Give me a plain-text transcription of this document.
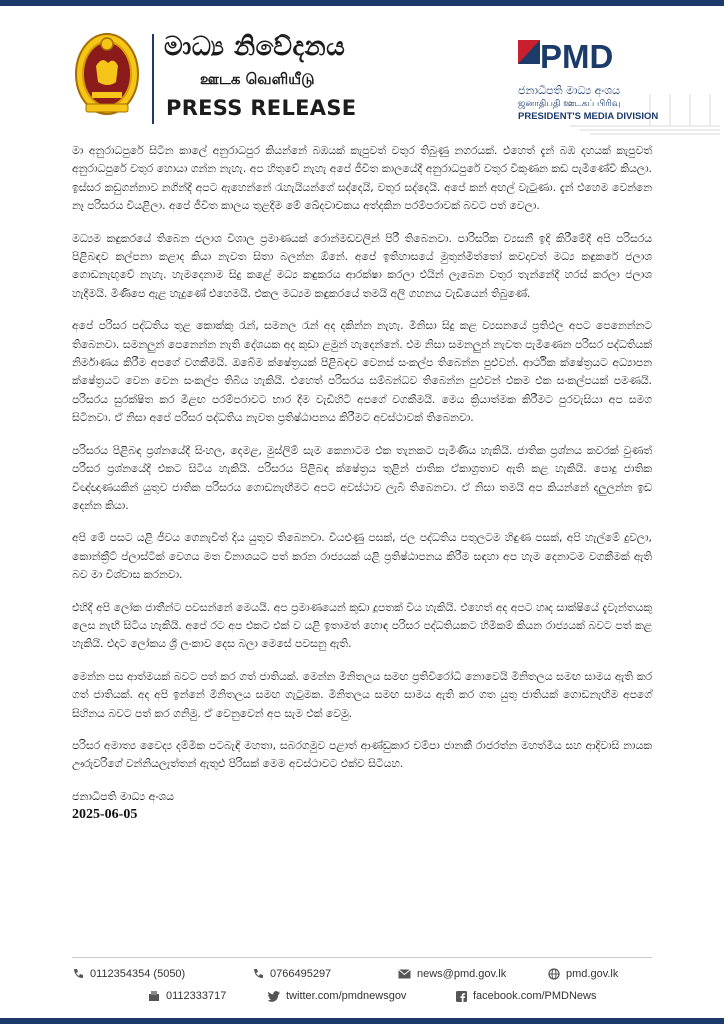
මාධ්‍ය නිවේදනය
ஊடக வெளியீடு
PRESS RELEASE
PMD
ජනාධිපති මාධ්‍ය අංශය
ஜனாதிபதி ஊடகப் பிரிவு
PRESIDENT'S MEDIA DIVISION

මා අනුරාධපුරේ සිටින කාලේ අනුරාධපුර කියන්නේ බඹයක් කැපුවත් වතුර තිබුණු නගරයක්. එහෙත් දැන් බඹ දහයක් කැපුවත් අනුරාධපුරේ වතුර හොයා ගන්න නැහැ. අප හිතුවේ නැහැ අපේ ජීවිත කාලයේදී අනුරාධපුරේ වතුර විකුණන කඩ පැමිණේවි කියලා. ඉස්සර කඩුගන්නාව නගින්දී අපට ඇහෙන්නේ රැහැයියන්ගේ සද්දෙයි, වතුර සද්දෙයි. අපේ කන් අඟල් වැටුණා. දැන් එහෙම වෙන්නෙ නෑ පරිසරය වියළිලා. අපේ ජීවිත කාලය තුළදීම මේ ඛේදවාචකය අත්දකින පරම්පරාවක් බවට පත් වෙලා.

මධ්‍යම කඳුකරයේ තිබෙන ජලාශ විශාල ප්‍රමාණයක් රොන්මඩවලින් පිරී තිබෙනවා. පාරිසරික ව්‍යසනී ඉදි කිරීමේදී අපි පරිසරය පිළිබඳව කල්පනා කළාද කියා නැවත සිතා බලන්න ඕනේ. අපේ ඉතිහාසයේ මුතුන්මිත්තෝ කවදාවත් මධ්‍ය කඳුකරේ ජලාශ ගොඩනැඟුවේ නැහැ. හැමදෙනාම සිදු කළේ මධ්‍ය කඳුකරය ආරක්ෂා කරලා එයින් ලැබෙන වතුර තැන්නේදී හරස් කරලා ජලාශ හැදීමයි. මිණිපෙ ඇළ හැදුණේ එහෙමයි. එකල මධ්‍යම කඳුකරයේ තමයි අලි ගහනය වැඩියෙන් තිබුණේ.

අපේ පරිසර පද්ධතිය තුළ කොක්කු රැන්, සමනල රැන් අද දකින්න නැහැ. මිනිසා සිදු කළ ව්‍යසනයේ ප්‍රතිඵල අපට පෙනෙන්නට තිබෙනවා. සමනලුන් පෙනෙන්න නැති දේශයක අද කුඩා ළමුන් හැදෙන්නේ. එම නිසා සමනලුන් නැවත පැමිණෙන පරිසර පද්ධතියක් නිර්මාණය කිරීම අපගේ වගකීමයි. ඔබේම ක්ෂේත්‍රයක් පිළිබඳව වෙනස් සංකල්ප තිබෙන්න පුළුවන්. ආර්ථික ක්ෂේත්‍රයට අධ්‍යාපන ක්ෂේත්‍රයට වෙන වෙන සංකල්ප තිබිය හැකියි. එහෙත් පරිසරය සම්බන්ධව තිබෙන්න පුළුවන් එකම එක සංකල්පයක් පමණයි. පරිසරය සුරක්ෂිත කර මීළඟ පරම්පරාවට භාර දීම වැඩිහිටි අපගේ වගකීමයි. මෙය ක්‍රියාත්මක කිරීමට පුරවැසියා අප සමග සිටිනවා. ඒ නිසා අපේ පරිසර පද්ධතිය නැවත ප්‍රතිෂ්ඨාපනය කිරීමට අවස්ථාවක් තිබෙනවා.

පරිසරය පිළිබඳ ප්‍රශ්නයේදී සිංහල, දෙමළ, මුස්ලිම් සැම කෙනාටම එක තැනකට පැමිණිය හැකියි. ජාතික ප්‍රශ්නය කවරක් වුණත් පරිසර ප්‍රශ්නයේදී එකට සිටිය හැකියි. පරිසරය පිළිබඳ ක්ෂේත්‍රය තුළින් ජාතික ඒකාග්‍රතාව ඇති කළ හැකියි. පොදු ජාතික විඥ්ඥාණයකින් යුතුව ජාතික පරිසරය ගොඩනැඟීමට අපට අවස්ථාව ලැබී තිබෙනවා. ඒ නිසා තමයි අප කියන්නේ දලුලන්න ඉඩ දෙන්න කියා.

අපි මේ පසට යළි ජීවය ගෙනැවිත් දිය යුතුව තිබෙනවා. වියළුණු පසක්, ජල පද්ධතිය පතුලටම හිඳුණ පසක්, අපි හැල්මේ දුවලා, කොන්ක්‍රීට් ප්ලාස්ටික් වෙගය මත විනාශයට පත් කරන රාජ්‍යයක් යළි ප්‍රතිෂ්ඨාපනය කිරීම සඳහා අප හැම දෙනාටම වගකීමක් ඇති බව මා විශ්වාස කරනවා.

එහිදී අපි ලෝක ජාතීන්ට පවසන්නේ මෙයයි. අප ප්‍රමාණයෙන් කුඩා දූපතක් විය හැකියි. එහෙත් අද අපට හෘද සාක්ෂියේ දැවැන්තයකු ලෙස නැඟී සිටිය හැකියි. අපේ රට අප එකට එක් ව යළි ඉතාමත් හොඳ පරිසර පද්ධතියකට හිමිකම් කියන රාජ්‍යයක් බවට පත් කළ හැකියි. එදාට ලෝකය ශ්‍රී ලංකාව දෙස බලා මෙසේ පවසනු ඇති.

මෙන්න පස ආත්මයක් බවට පත් කර ගත් ජාතියක්. මෙන්න මිනිතලය සමඟ ප්‍රතිවිරෝධී නොවෙයි මිනිතලය සමඟ සාමය ඇති කර ගත් ජාතියක්. අද අපි ඉන්නේ මිනිතලය සමඟ ගැටුමක. මිනිතලය සමඟ සාමය ඇති කර ගත යුතු ජාතියක් ගොඩනැඟීම අපගේ සිහිනය බවට පත් කර ගනිමු. ඒ වෙනුවෙන් අප සැම එක් වෙමු.

පරිසර අමාත්‍ය වෛද්‍ය දම්මික පටබැඳි මහතා, සබරගමුව පළාත් ආණ්ඩුකාර චම්පා ජානකී රාජරත්න මහත්මිය සහ ආදිවාසි නායක ඌරුවරිගේ වන්නියලැත්තන් ඇතුළු පිරිසක් මෙම අවස්ථාවට එක්ව සිටියහ.

ජනාධිපති මාධ්‍ය අංශය
2025-06-05
0112354354 (5050)	0766495297	news@pmd.gov.lk	pmd.gov.lk
0112333717	twitter.com/pmdnewsgov	facebook.com/PMDNews
